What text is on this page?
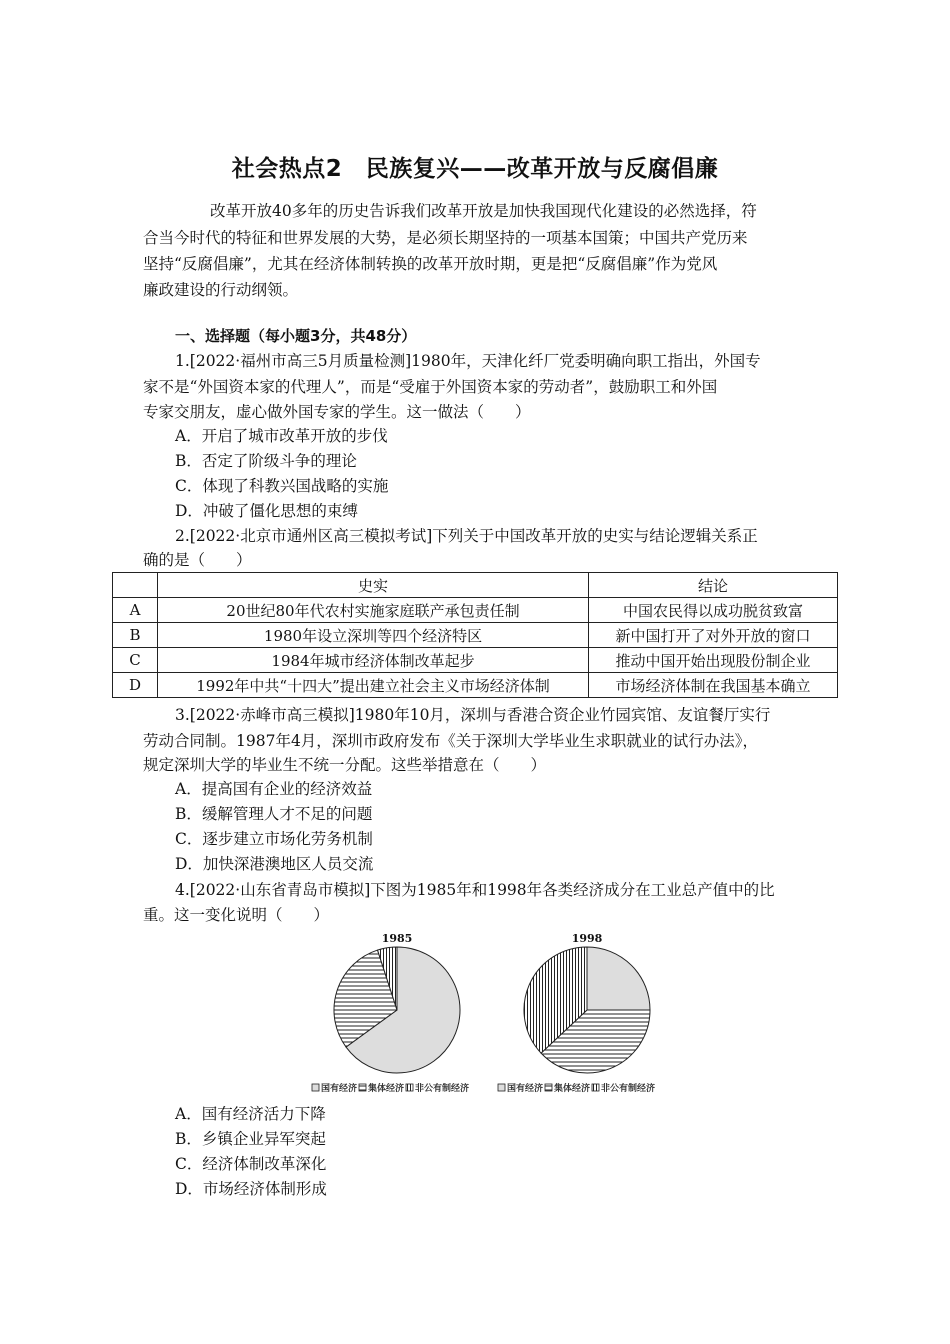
社会热点2　民族复兴——改革开放与反腐倡廉
改革开放40多年的历史告诉我们改革开放是加快我国现代化建设的必然选择，符
合当今时代的特征和世界发展的大势，是必须长期坚持的一项基本国策；中国共产党历来
坚持“反腐倡廉”，尤其在经济体制转换的改革开放时期，更是把“反腐倡廉”作为党风
廉政建设的行动纲领。
一、选择题（每小题3分，共48分）
1.[2022·福州市高三5月质量检测]1980年，天津化纤厂党委明确向职工指出，外国专
家不是“外国资本家的代理人”，而是“受雇于外国资本家的劳动者”，鼓励职工和外国
专家交朋友，虚心做外国专家的学生。这一做法（　　）
A．开启了城市改革开放的步伐
B．否定了阶级斗争的理论
C．体现了科教兴国战略的实施
D．冲破了僵化思想的束缚
2.[2022·北京市通州区高三模拟考试]下列关于中国改革开放的史实与结论逻辑关系正
确的是（　　）
	史实	结论
A	20世纪80年代农村实施家庭联产承包责任制	中国农民得以成功脱贫致富
B	1980年设立深圳等四个经济特区	新中国打开了对外开放的窗口
C	1984年城市经济体制改革起步	推动中国开始出现股份制企业
D	1992年中共“十四大”提出建立社会主义市场经济体制	市场经济体制在我国基本确立
3.[2022·赤峰市高三模拟]1980年10月，深圳与香港合资企业竹园宾馆、友谊餐厅实行
劳动合同制。1987年4月，深圳市政府发布《关于深圳大学毕业生求职就业的试行办法》，
规定深圳大学的毕业生不统一分配。这些举措意在（　　）
A．提高国有企业的经济效益
B．缓解管理人才不足的问题
C．逐步建立市场化劳务机制
D．加快深港澳地区人员交流
4.[2022·山东省青岛市模拟]下图为1985年和1998年各类经济成分在工业总产值中的比
重。这一变化说明（　　）
1985
国有经济 集体经济 非公有制经济
1998
国有经济 集体经济 非公有制经济
A．国有经济活力下降
B．乡镇企业异军突起
C．经济体制改革深化
D．市场经济体制形成
